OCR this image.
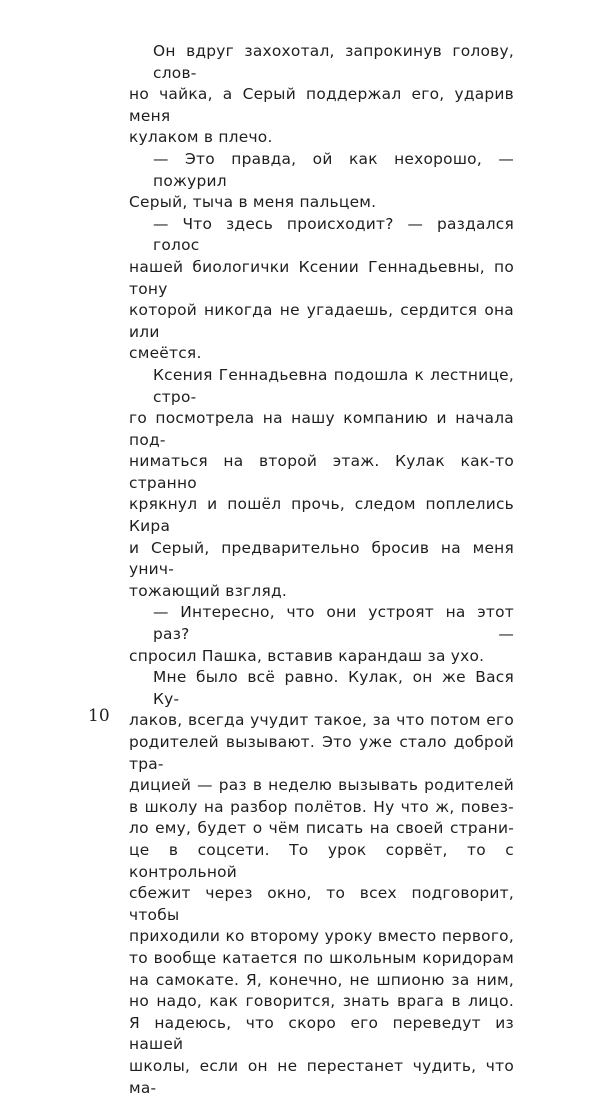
Он вдруг захохотал, запрокинув голову, слов-
но чайка, а Серый поддержал его, ударив меня
кулаком в плечо.
— Это правда, ой как нехорошо, — пожурил
Серый, тыча в меня пальцем.
— Что здесь происходит? — раздался голос
нашей биологички Ксении Геннадьевны, по тону
которой никогда не угадаешь, сердится она или
смеётся.
Ксения Геннадьевна подошла к лестнице, стро-
го посмотрела на нашу компанию и начала под-
ниматься на второй этаж. Кулак как-то странно
крякнул и пошёл прочь, следом поплелись Кира
и Серый, предварительно бросив на меня унич-
тожающий взгляд.
— Интересно, что они устроят на этот раз? —
спросил Пашка, вставив карандаш за ухо.
Мне было всё равно. Кулак, он же Вася Ку-
лаков, всегда учудит такое, за что потом его
родителей вызывают. Это уже стало доброй тра-
дицией — раз в неделю вызывать родителей
в школу на разбор полётов. Ну что ж, повез-
ло ему, будет о чём писать на своей страни-
це в соцсети. То урок сорвёт, то с контрольной
сбежит через окно, то всех подговорит, чтобы
приходили ко второму уроку вместо первого,
то вообще катается по школьным коридорам
на самокате. Я, конечно, не шпионю за ним,
но надо, как говорится, знать врага в лицо.
Я надеюсь, что скоро его переведут из нашей
школы, если он не перестанет чудить, что ма-
10
